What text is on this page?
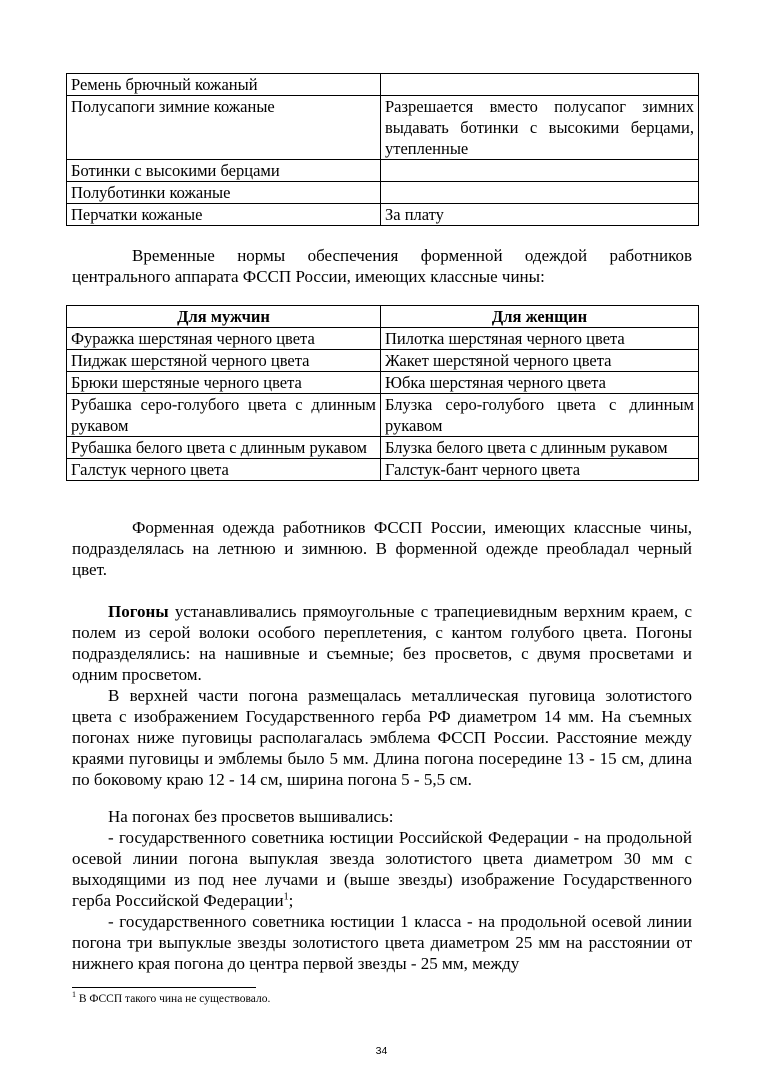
Ремень брючный кожаный	
Полусапоги зимние кожаные	Разрешается вместо полусапог зимних выдавать ботинки с высокими берцами, утепленные
Ботинки с высокими берцами	
Полуботинки кожаные	
Перчатки кожаные	За плату

Временные нормы обеспечения форменной одеждой работников центрального аппарата ФССП России, имеющих классные чины:

Для мужчин	Для женщин
Фуражка шерстяная черного цвета	Пилотка шерстяная черного цвета
Пиджак шерстяной черного цвета	Жакет шерстяной черного цвета
Брюки шерстяные черного цвета	Юбка шерстяная черного цвета
Рубашка серо-голубого цвета с длинным рукавом	Блузка серо-голубого цвета с длинным рукавом
Рубашка белого цвета с длинным рукавом	Блузка белого цвета с длинным рукавом
Галстук черного цвета	Галстук-бант черного цвета

Форменная одежда работников ФССП России, имеющих классные чины, подразделялась на летнюю и зимнюю. В форменной одежде преобладал черный цвет.

Погоны устанавливались прямоугольные с трапециевидным верхним краем, с полем из серой волоки особого переплетения, с кантом голубого цвета. Погоны подразделялись: на нашивные и съемные; без просветов, с двумя просветами и одним просветом.

В верхней части погона размещалась металлическая пуговица золотистого цвета с изображением Государственного герба РФ диаметром 14 мм. На съемных погонах ниже пуговицы располагалась эмблема ФССП России. Расстояние между краями пуговицы и эмблемы было 5 мм. Длина погона посередине 13 - 15 см, длина по боковому краю 12 - 14 см, ширина погона 5 - 5,5 см.

На погонах без просветов вышивались:

- государственного советника юстиции Российской Федерации - на продольной осевой линии погона выпуклая звезда золотистого цвета диаметром 30 мм с выходящими из под нее лучами и (выше звезды) изображение Государственного герба Российской Федерации$^1$;

- государственного советника юстиции 1 класса - на продольной осевой линии погона три выпуклые звезды золотистого цвета диаметром 25 мм на расстоянии от нижнего края погона до центра первой звезды - 25 мм, между

$^1$ В ФССП такого чина не существовало.
34
